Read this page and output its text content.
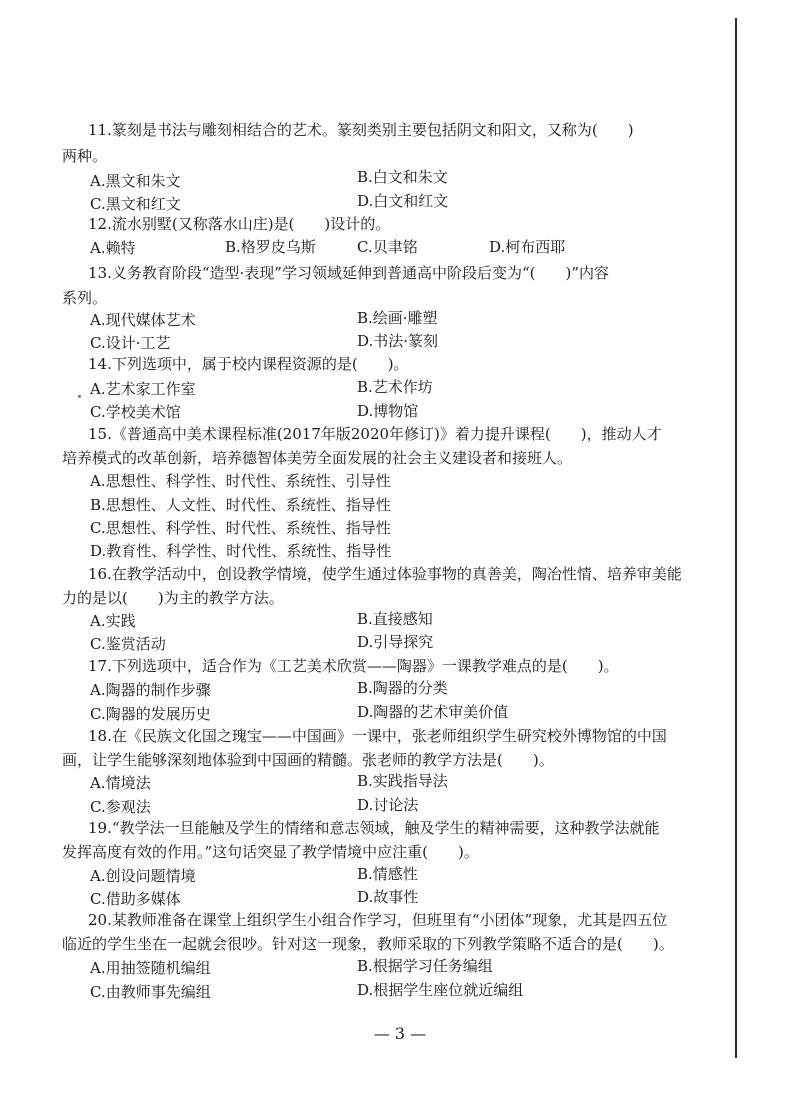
11.篆刻是书法与雕刻相结合的艺术。篆刻类别主要包括阴文和阳文，又称为(　　)
两种。
A.黑文和朱文	B.白文和朱文
C.黑文和红文	D.白文和红文
12.流水别墅(又称落水山庄)是(　　)设计的。
A.赖特	B.格罗皮乌斯	C.贝聿铭	D.柯布西耶
13.义务教育阶段“造型·表现”学习领域延伸到普通高中阶段后变为“(　　)”内容
系列。
A.现代媒体艺术	B.绘画·雕塑
C.设计·工艺	D.书法·篆刻
14.下列选项中，属于校内课程资源的是(　　)。
A.艺术家工作室	B.艺术作坊
C.学校美术馆	D.博物馆
15.《普通高中美术课程标准(2017年版2020年修订)》着力提升课程(　　)，推动人才
培养模式的改革创新，培养德智体美劳全面发展的社会主义建设者和接班人。
A.思想性、科学性、时代性、系统性、引导性
B.思想性、人文性、时代性、系统性、指导性
C.思想性、科学性、时代性、系统性、指导性
D.教育性、科学性、时代性、系统性、指导性
16.在教学活动中，创设教学情境，使学生通过体验事物的真善美，陶冶性情、培养审美能
力的是以(　　)为主的教学方法。
A.实践	B.直接感知
C.鉴赏活动	D.引导探究
17.下列选项中，适合作为《工艺美术欣赏——陶器》一课教学难点的是(　　)。
A.陶器的制作步骤	B.陶器的分类
C.陶器的发展历史	D.陶器的艺术审美价值
18.在《民族文化国之瑰宝——中国画》一课中，张老师组织学生研究校外博物馆的中国
画，让学生能够深刻地体验到中国画的精髓。张老师的教学方法是(　　)。
A.情境法	B.实践指导法
C.参观法	D.讨论法
19.“教学法一旦能触及学生的情绪和意志领域，触及学生的精神需要，这种教学法就能
发挥高度有效的作用。”这句话突显了教学情境中应注重(　　)。
A.创设问题情境	B.情感性
C.借助多媒体	D.故事性
20.某教师准备在课堂上组织学生小组合作学习，但班里有“小团体”现象，尤其是四五位
临近的学生坐在一起就会很吵。针对这一现象，教师采取的下列教学策略不适合的是(　　)。
A.用抽签随机编组	B.根据学习任务编组
C.由教师事先编组	D.根据学生座位就近编组
— 3 —
